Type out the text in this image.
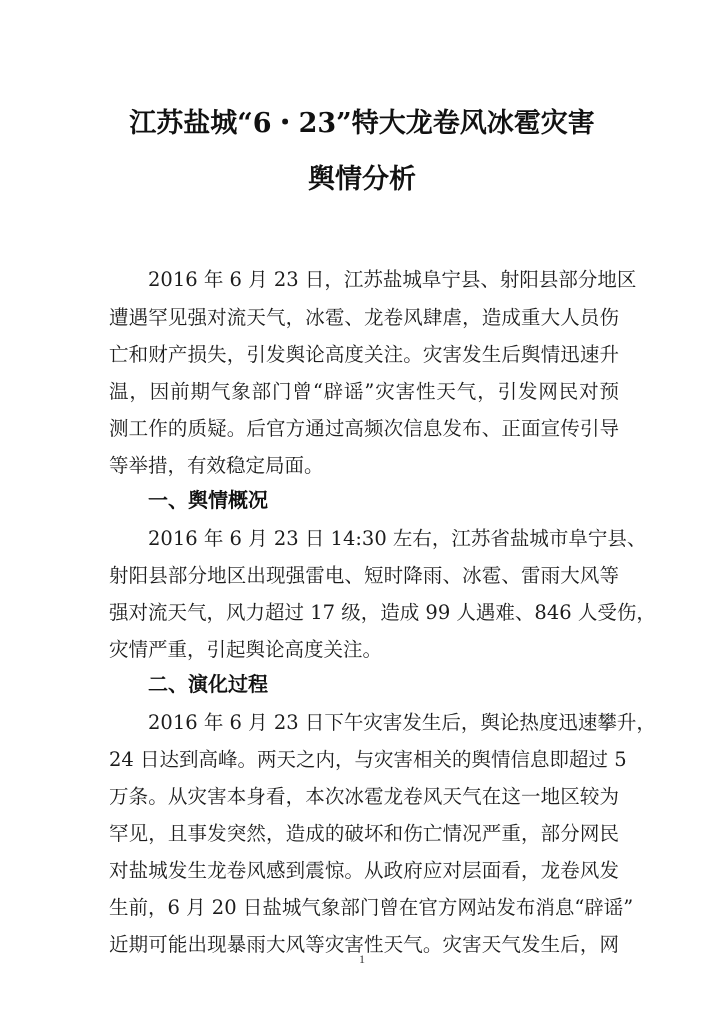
江苏盐城“6・23”特大龙卷风冰雹灾害
舆情分析
2016 年 6 月 23 日，江苏盐城阜宁县、射阳县部分地区
遭遇罕见强对流天气，冰雹、龙卷风肆虐，造成重大人员伤
亡和财产损失，引发舆论高度关注。灾害发生后舆情迅速升
温，因前期气象部门曾“辟谣”灾害性天气，引发网民对预
测工作的质疑。后官方通过高频次信息发布、正面宣传引导
等举措，有效稳定局面。
一、舆情概况
2016 年 6 月 23 日 14:30 左右，江苏省盐城市阜宁县、
射阳县部分地区出现强雷电、短时降雨、冰雹、雷雨大风等
强对流天气，风力超过 17 级，造成 99 人遇难、846 人受伤，
灾情严重，引起舆论高度关注。
二、演化过程
2016 年 6 月 23 日下午灾害发生后，舆论热度迅速攀升，
24 日达到高峰。两天之内，与灾害相关的舆情信息即超过 5
万条。从灾害本身看，本次冰雹龙卷风天气在这一地区较为
罕见，且事发突然，造成的破坏和伤亡情况严重，部分网民
对盐城发生龙卷风感到震惊。从政府应对层面看，龙卷风发
生前，6 月 20 日盐城气象部门曾在官方网站发布消息“辟谣”
近期可能出现暴雨大风等灾害性天气。灾害天气发生后，网
1
